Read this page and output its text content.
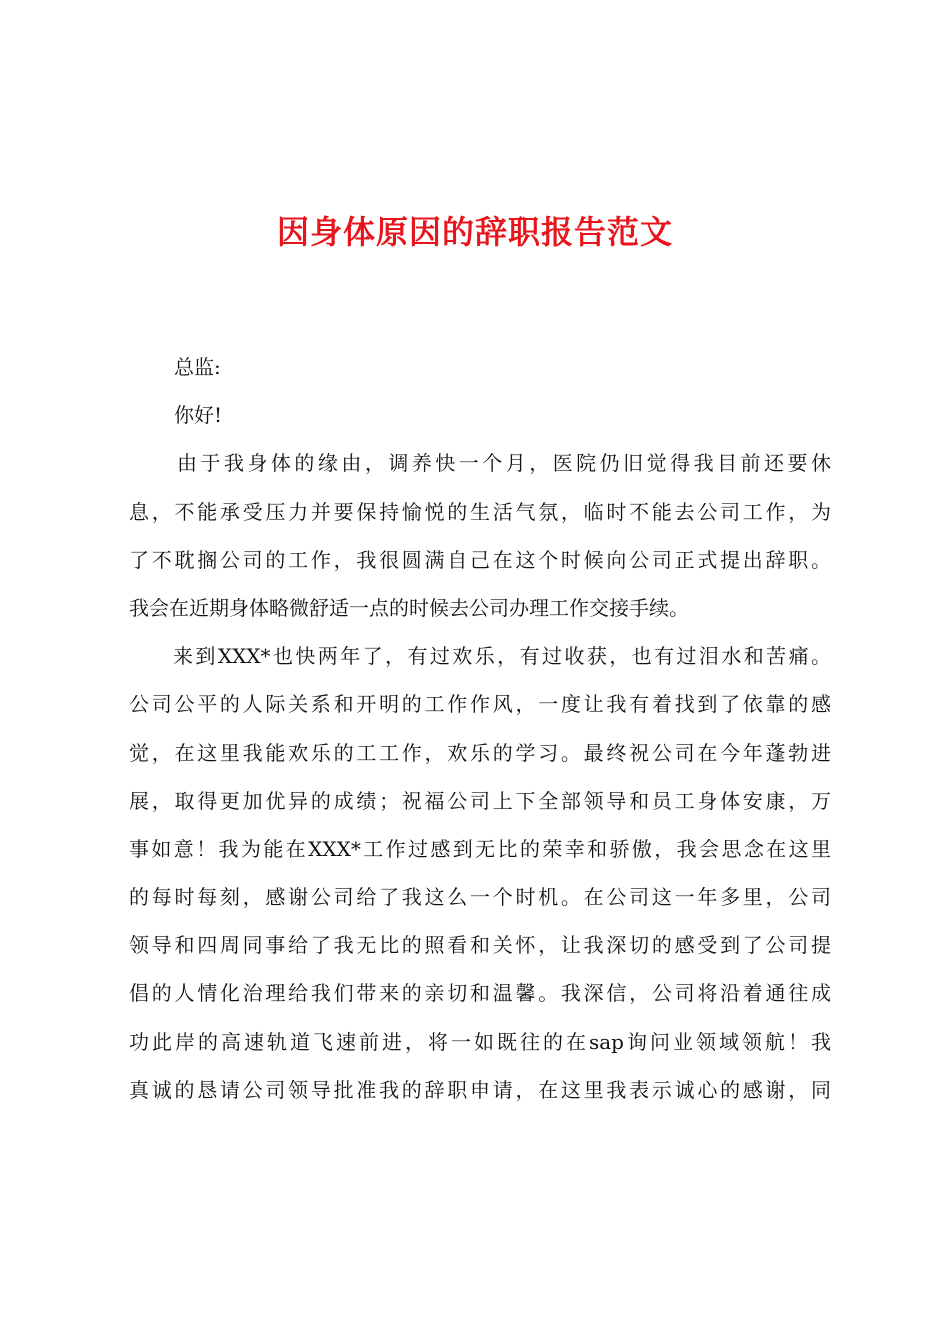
因身体原因的辞职报告范文
总监:
你好!
由于我身体的缘由，调养快一个月，医院仍旧觉得我目前还要休
息，不能承受压力并要保持愉悦的生活气氛，临时不能去公司工作，为
了不耽搁公司的工作，我很圆满自己在这个时候向公司正式提出辞职。
我会在近期身体略微舒适一点的时候去公司办理工作交接手续。
来到XXX*也快两年了，有过欢乐，有过收获，也有过泪水和苦痛。
公司公平的人际关系和开明的工作作风，一度让我有着找到了依靠的感
觉，在这里我能欢乐的工工作，欢乐的学习。最终祝公司在今年蓬勃进
展，取得更加优异的成绩；祝福公司上下全部领导和员工身体安康，万
事如意！我为能在XXX*工作过感到无比的荣幸和骄傲，我会思念在这里
的每时每刻，感谢公司给了我这么一个时机。在公司这一年多里，公司
领导和四周同事给了我无比的照看和关怀，让我深切的感受到了公司提
倡的人情化治理给我们带来的亲切和温馨。我深信，公司将沿着通往成
功此岸的高速轨道飞速前进，将一如既往的在sap询问业领域领航！我
真诚的恳请公司领导批准我的辞职申请，在这里我表示诚心的感谢，同
